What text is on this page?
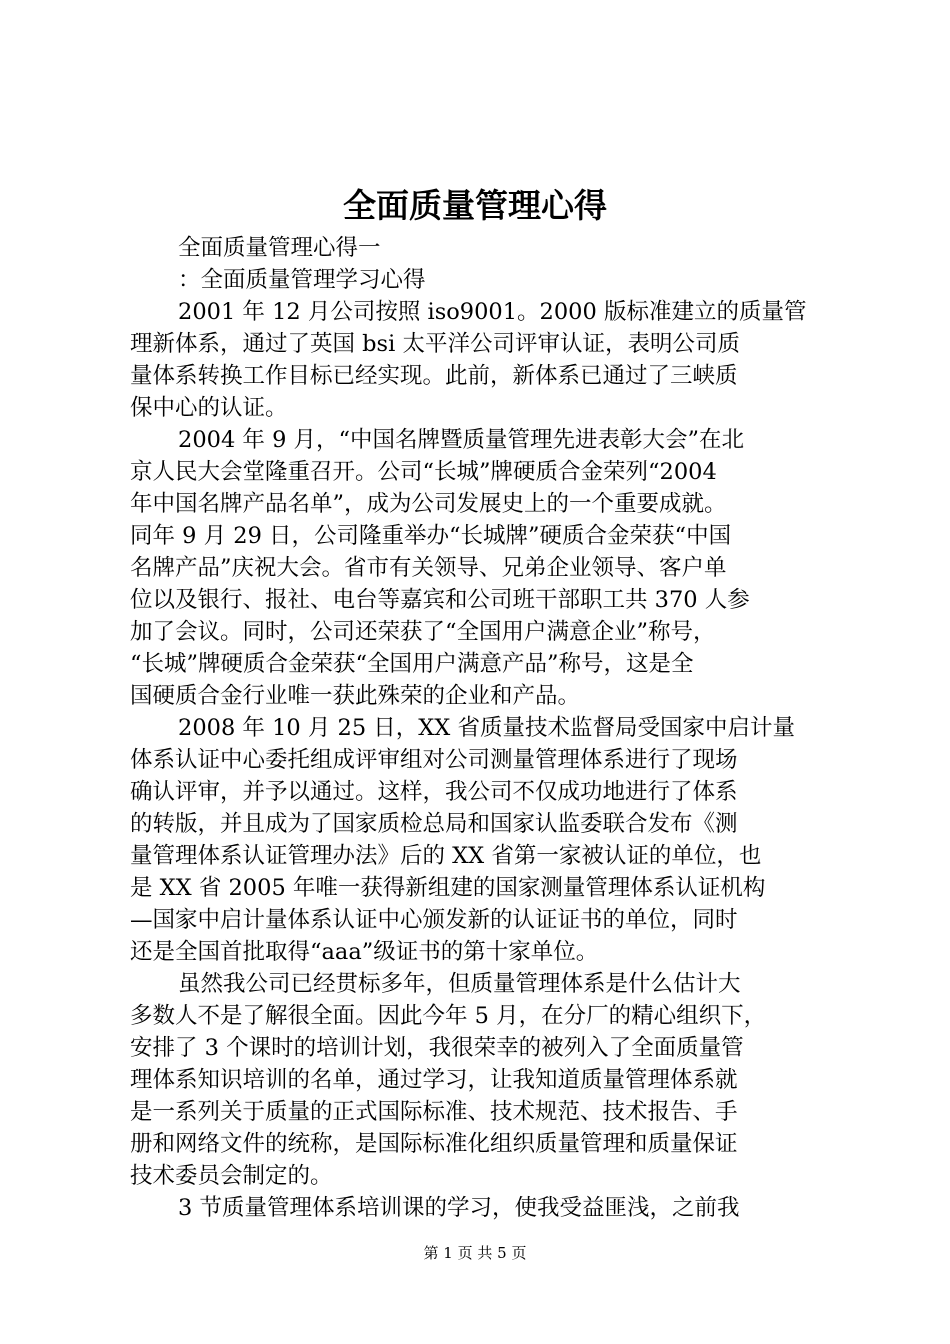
全面质量管理心得
全面质量管理心得一
：全面质量管理学习心得
2001 年 12 月公司按照 iso9001。2000 版标准建立的质量管
理新体系，通过了英国 bsi 太平洋公司评审认证，表明公司质
量体系转换工作目标已经实现。此前，新体系已通过了三峡质
保中心的认证。
2004 年 9 月，“中国名牌暨质量管理先进表彰大会”在北
京人民大会堂隆重召开。公司“长城”牌硬质合金荣列“2004
年中国名牌产品名单”，成为公司发展史上的一个重要成就。
同年 9 月 29 日，公司隆重举办“长城牌”硬质合金荣获“中国
名牌产品”庆祝大会。省市有关领导、兄弟企业领导、客户单
位以及银行、报社、电台等嘉宾和公司班干部职工共 370 人参
加了会议。同时，公司还荣获了“全国用户满意企业”称号，
“长城”牌硬质合金荣获“全国用户满意产品”称号，这是全
国硬质合金行业唯一获此殊荣的企业和产品。
2008 年 10 月 25 日，XX 省质量技术监督局受国家中启计量
体系认证中心委托组成评审组对公司测量管理体系进行了现场
确认评审，并予以通过。这样，我公司不仅成功地进行了体系
的转版，并且成为了国家质检总局和国家认监委联合发布《测
量管理体系认证管理办法》后的 XX 省第一家被认证的单位，也
是 XX 省 2005 年唯一获得新组建的国家测量管理体系认证机构
—国家中启计量体系认证中心颁发新的认证证书的单位，同时
还是全国首批取得“aaa”级证书的第十家单位。
虽然我公司已经贯标多年，但质量管理体系是什么估计大
多数人不是了解很全面。因此今年 5 月，在分厂的精心组织下，
安排了 3 个课时的培训计划，我很荣幸的被列入了全面质量管
理体系知识培训的名单，通过学习，让我知道质量管理体系就
是一系列关于质量的正式国际标准、技术规范、技术报告、手
册和网络文件的统称，是国际标准化组织质量管理和质量保证
技术委员会制定的。
3 节质量管理体系培训课的学习，使我受益匪浅，之前我
第 1 页 共 5 页
